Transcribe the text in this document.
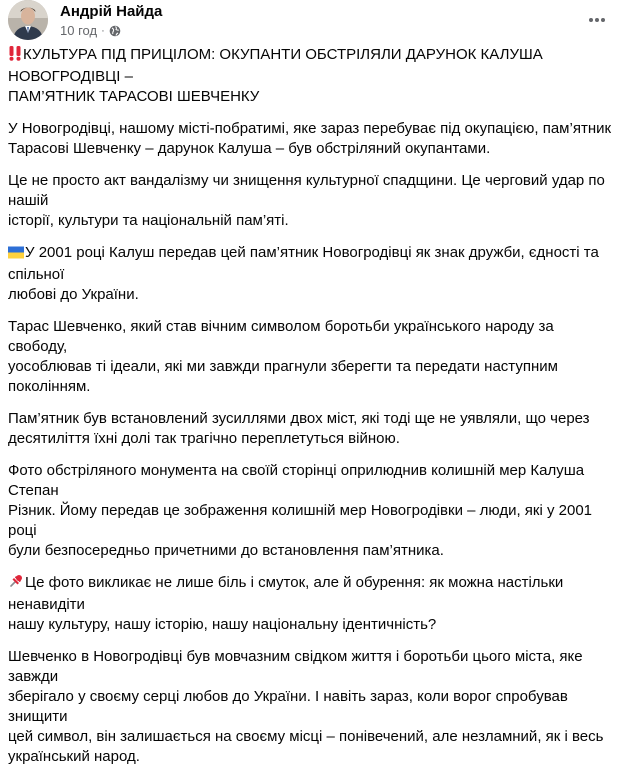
Андрій Найда
10 год ·

КУЛЬТУРА ПІД ПРИЦІЛОМ: ОКУПАНТИ ОБСТРІЛЯЛИ ДАРУНОК КАЛУША НОВОГРОДІВЦІ –
ПАМ’ЯТНИК ТАРАСОВІ ШЕВЧЕНКУ

У Новогродівці, нашому місті-побратимі, яке зараз перебуває під окупацією, пам’ятник
Тарасові Шевченку – дарунок Калуша – був обстріляний окупантами.

Це не просто акт вандалізму чи знищення культурної спадщини. Це черговий удар по нашій
історії, культури та національній пам’яті.

У 2001 році Калуш передав цей пам’ятник Новогродівці як знак дружби, єдності та спільної
любові до України.

Тарас Шевченко, який став вічним символом боротьби українського народу за свободу,
уособлював ті ідеали, які ми завжди прагнули зберегти та передати наступним поколінням.

Пам’ятник був встановлений зусиллями двох міст, які тоді ще не уявляли, що через
десятиліття їхні долі так трагічно переплетуться війною.

Фото обстріляного монумента на своїй сторінці оприлюднив колишній мер Калуша Степан
Різник. Йому передав це зображення колишній мер Новогродівки – люди, які у 2001 році
були безпосередньо причетними до встановлення пам’ятника.

Це фото викликає не лише біль і смуток, але й обурення: як можна настільки ненавидіти
нашу культуру, нашу історію, нашу національну ідентичність?

Шевченко в Новогродівці був мовчазним свідком життя і боротьби цього міста, яке завжди
зберігало у своєму серці любов до України. І навіть зараз, коли ворог спробував знищити
цей символ, він залишається на своєму місці – понівечений, але незламний, як і весь
український народ.
